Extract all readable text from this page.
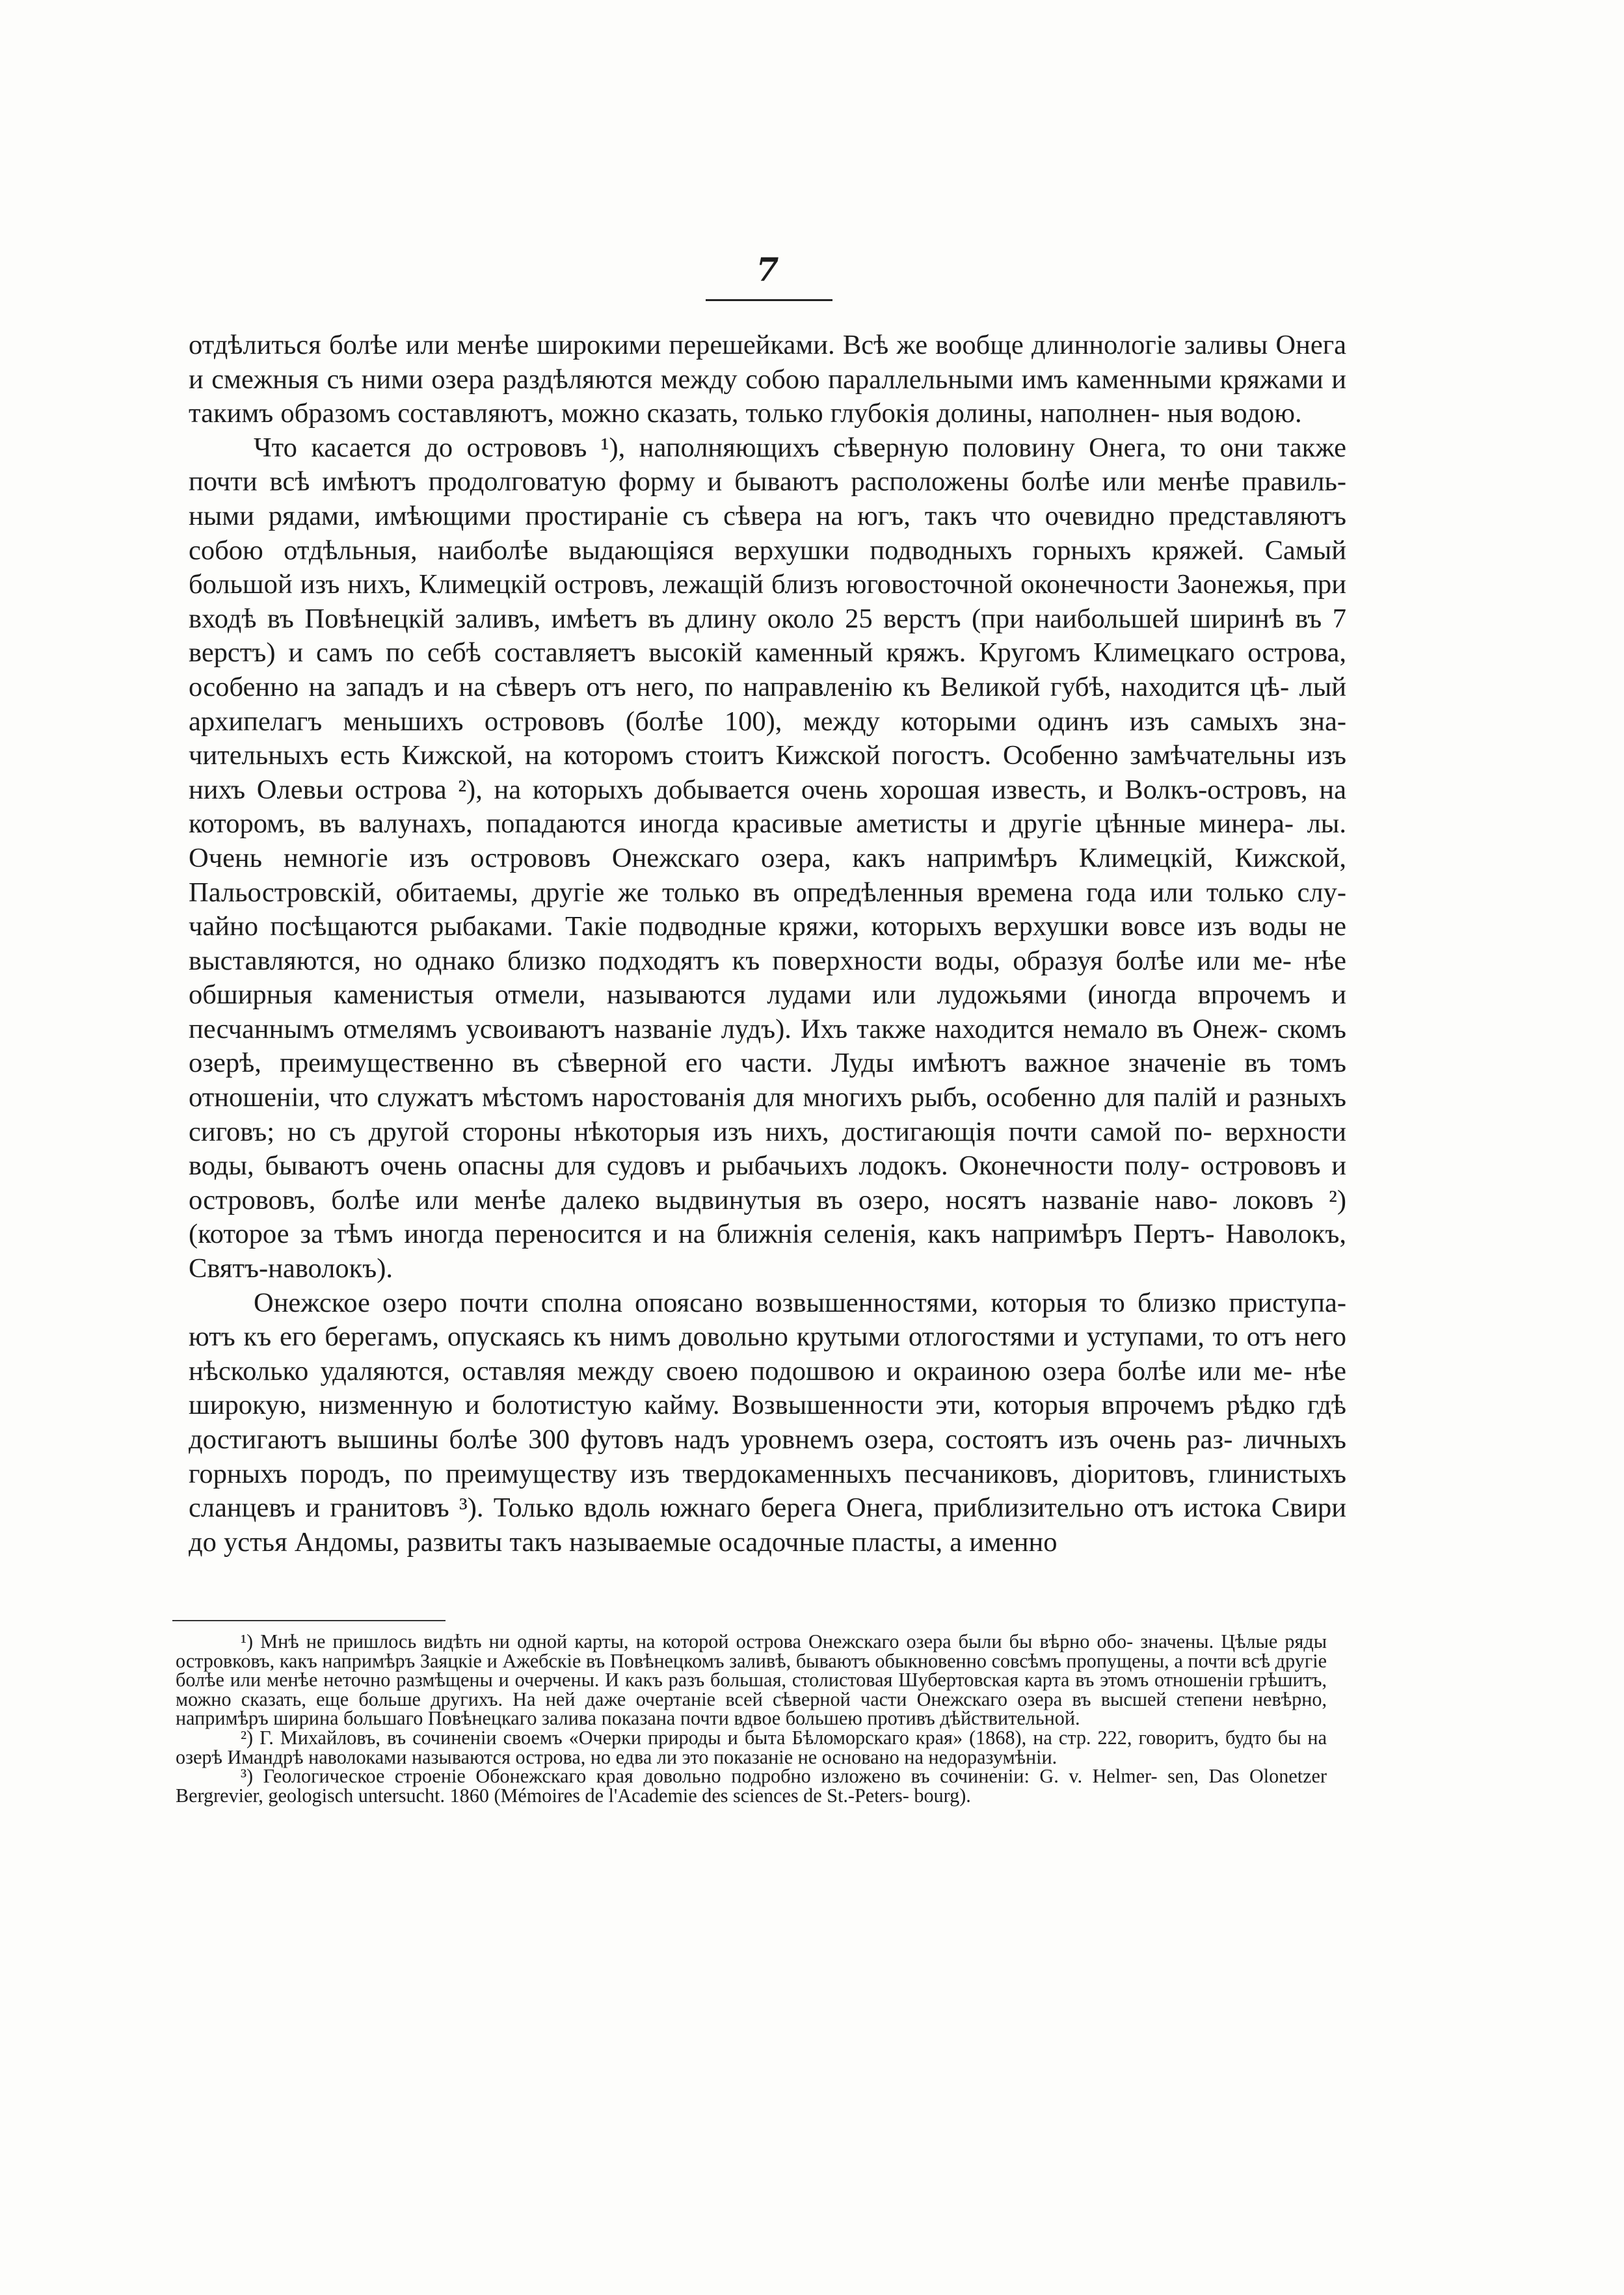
7

отдѣлиться болѣе или менѣе широкими перешейками. Всѣ же вообще длиннологіе заливы Онега и смежныя съ ними озера раздѣляются между собою параллельными имъ каменными кряжами и такимъ образомъ составляютъ, можно сказать, только глубокія долины, наполнен- ныя водою.

Что касается до острововъ ¹), наполняющихъ сѣверную половину Онега, то они также почти всѣ имѣютъ продолговатую форму и бываютъ расположены болѣе или менѣе правиль- ными рядами, имѣющими простираніе съ сѣвера на югъ, такъ что очевидно представляютъ собою отдѣльныя, наиболѣе выдающіяся верхушки подводныхъ горныхъ кряжей. Самый большой изъ нихъ, Климецкій островъ, лежащій близъ юговосточной оконечности Заонежья, при входѣ въ Повѣнецкій заливъ, имѣетъ въ длину около 25 верстъ (при наибольшей ширинѣ въ 7 верстъ) и самъ по себѣ составляетъ высокій каменный кряжъ. Кругомъ Климецкаго острова, особенно на западъ и на сѣверъ отъ него, по направленію къ Великой губѣ, находится цѣ- лый архипелагъ меньшихъ острововъ (болѣе 100), между которыми одинъ изъ самыхъ зна- чительныхъ есть Кижской, на которомъ стоитъ Кижской погостъ. Особенно замѣчательны изъ нихъ Олевьи острова ²), на которыхъ добывается очень хорошая известь, и Волкъ-островъ, на которомъ, въ валунахъ, попадаются иногда красивые аметисты и другіе цѣнные минера- лы. Очень немногіе изъ острововъ Онежскаго озера, какъ напримѣръ Климецкій, Кижской, Пальостровскій, обитаемы, другіе же только въ опредѣленныя времена года или только слу- чайно посѣщаются рыбаками. Такіе подводные кряжи, которыхъ верхушки вовсе изъ воды не выставляются, но однако близко подходятъ къ поверхности воды, образуя болѣе или ме- нѣе обширныя каменистыя отмели, называются лудами или лудожьями (иногда впрочемъ и песчаннымъ отмелямъ усвоиваютъ названіе лудъ). Ихъ также находится немало въ Онеж- скомъ озерѣ, преимущественно въ сѣверной его части. Луды имѣютъ важное значеніе въ томъ отношеніи, что служатъ мѣстомъ наростованія для многихъ рыбъ, особенно для палій и разныхъ сиговъ; но съ другой стороны нѣкоторыя изъ нихъ, достигающія почти самой по- верхности воды, бываютъ очень опасны для судовъ и рыбачьихъ лодокъ. Оконечности полу- острововъ и острововъ, болѣе или менѣе далеко выдвинутыя въ озеро, носятъ названіе наво- локовъ ²) (которое за тѣмъ иногда переносится и на ближнія селенія, какъ напримѣръ Пертъ- Наволокъ, Святъ-наволокъ).

Онежское озеро почти сполна опоясано возвышенностями, которыя то близко приступа- ютъ къ его берегамъ, опускаясь къ нимъ довольно крутыми отлогостями и уступами, то отъ него нѣсколько удаляются, оставляя между своею подошвою и окраиною озера болѣе или ме- нѣе широкую, низменную и болотистую кайму. Возвышенности эти, которыя впрочемъ рѣдко гдѣ достигаютъ вышины болѣе 300 футовъ надъ уровнемъ озера, состоятъ изъ очень раз- личныхъ горныхъ породъ, по преимуществу изъ твердокаменныхъ песчаниковъ, діоритовъ, глинистыхъ сланцевъ и гранитовъ ³). Только вдоль южнаго берега Онега, приблизительно отъ истока Свири до устья Андомы, развиты такъ называемые осадочные пласты, а именно

¹) Мнѣ не пришлось видѣть ни одной карты, на которой острова Онежскаго озера были бы вѣрно обо- значены. Цѣлые ряды островковъ, какъ напримѣръ Заяцкіе и Ажебскіе въ Повѣнецкомъ заливѣ, бываютъ обыкновенно совсѣмъ пропущены, а почти всѣ другіе болѣе или менѣе неточно размѣщены и очерчены. И какъ разъ большая, столистовая Шубертовская карта въ этомъ отношеніи грѣшитъ, можно сказать, еще больше другихъ. На ней даже очертаніе всей сѣверной части Онежскаго озера въ высшей степени невѣрно, напримѣръ ширина большаго Повѣнецкаго залива показана почти вдвое большею противъ дѣйствительной.

²) Г. Михайловъ, въ сочиненіи своемъ «Очерки природы и быта Бѣломорскаго края» (1868), на стр. 222, говоритъ, будто бы на озерѣ Имандрѣ наволоками называются острова, но едва ли это показаніе не основано на недоразумѣніи.

³) Геологическое строеніе Обонежскаго края довольно подробно изложено въ сочиненіи: G. v. Helmer- sen, Das Olonetzer Bergrevier, geologisch untersucht. 1860 (Mémoires de l'Academie des sciences de St.-Peters- bourg).
